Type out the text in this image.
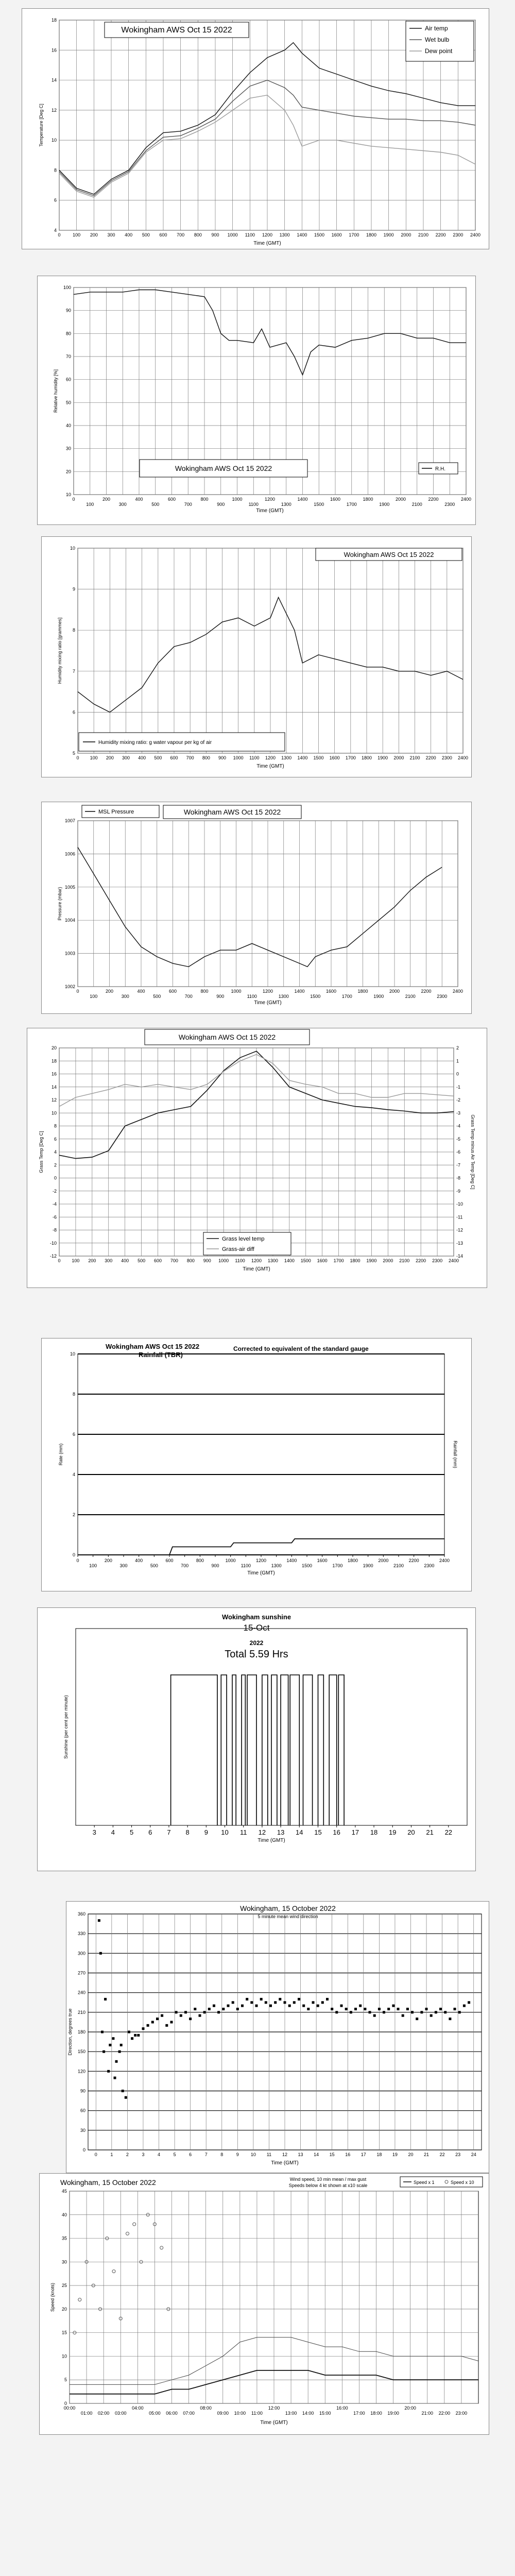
4
6
8
10
12
14
16
18
0	100 200 300 400 500 600 700 800 900 1000 1100 1200 1300 1400 1500 1600 1700 1800 1900 2000 2100 2200 2300 2400
Time (GMT)
Temperature [Deg C]
Wokingham AWS Oct 15 2022	Air temp
Wet bulb
Dew point
10
20
30
40
50
60
70
80
90
100
0
100
200
300
400
500
600
700
800
900
1000
1100
1200
1300
1400
1500
1600
1700
1800
1900
2000
2100
2200
2300
2400
Time (GMT)
Relative humidity [%]
Wokingham AWS Oct 15 2022	R.H.
5
6
7
8
9
10
0 100 200 300 400 500 600 700 800 900 1000 1100 1200 1300 1400 1500 1600 1700 1800 1900 2000 2100 2200 2300 2400
Time (GMT)
Humidity mixing ratio [grammes]
Wokingham AWS Oct 15 2022
Humidity mixing ratio: g water vapour per kg of air
1002
1003
1004
1005
1006
1007
0
100
200
300
400
500
600
700
800
900
1000
1100
1200
1300
1400
1500
1600
1700
1800
1900
2000
2100
2200
2300
2400
Time (GMT)
Pressure (mbar)
MSL Pressure	Wokingham AWS Oct 15 2022
-12
-10
-8
-6
-4
-2
0
2
4
6
8
10
12
14
16
18
20
0 100 200 300 400 500 600 700 800 900 1000 1100 1200 1300 1400 1500 1600 1700 1800 1900 2000 2100 2200 2300 2400
Time (GMT)
Grass Temp [Deg C]
-14
-13
-12
-11
-10
-9
-8
-7
-6
-5
-4
-3
-2
-1
0
1
2
Grass Temp minus Air Temp [Deg C]
Wokingham AWS Oct 15 2022
Grass level temp
Grass-air diff
0
2
4
6
8
10
0
100
200
300
400
500
600
700
800
900
1000
1100
1200
1300
1400
1500
1600
1700
1800
1900
2000
2100
2200
2300
2400
Time (GMT)
Rate (mm)	Rainfall (mm)
Wokingham AWS Oct 15 2022
Rainfall (TBR)
Corrected to equivalent of the standard gauge
3 4 5 6 7 8 9 10 11 12 13 14 15 16 17 18 19 20 21 22
Time (GMT)
Sunshine (per cent per minute)
Wokingham sunshine
15-Oct
2022
Total 5.59 Hrs
0
30
60
90
120
150
180
210
240
270
300
330
360
0	1	2	3	4	5	6	7	8	9	10 11 12 13 14 15 16 17 18 19 20 21 22 23 24
Time (GMT)
Direction, degrees true
Wokingham, 15 October 2022
5 minute mean wind direction
0
5
10
15
20
25
30
35
40
45
00:00
01:00 02:00 03:00
04:00
05:00 06:00 07:00
08:00
09:00 10:00 11:00
12:00
13:00 14:00 15:00
16:00
17:00 18:00 19:00
20:00
21:00 22:00 23:00
Time (GMT)
Speed (knots)
Wokingham, 15 October 2022	Wind speed, 10 min mean / max gust
Speeds below 4 kt shown at x10 scale
Speed x 1	Speed x 10
